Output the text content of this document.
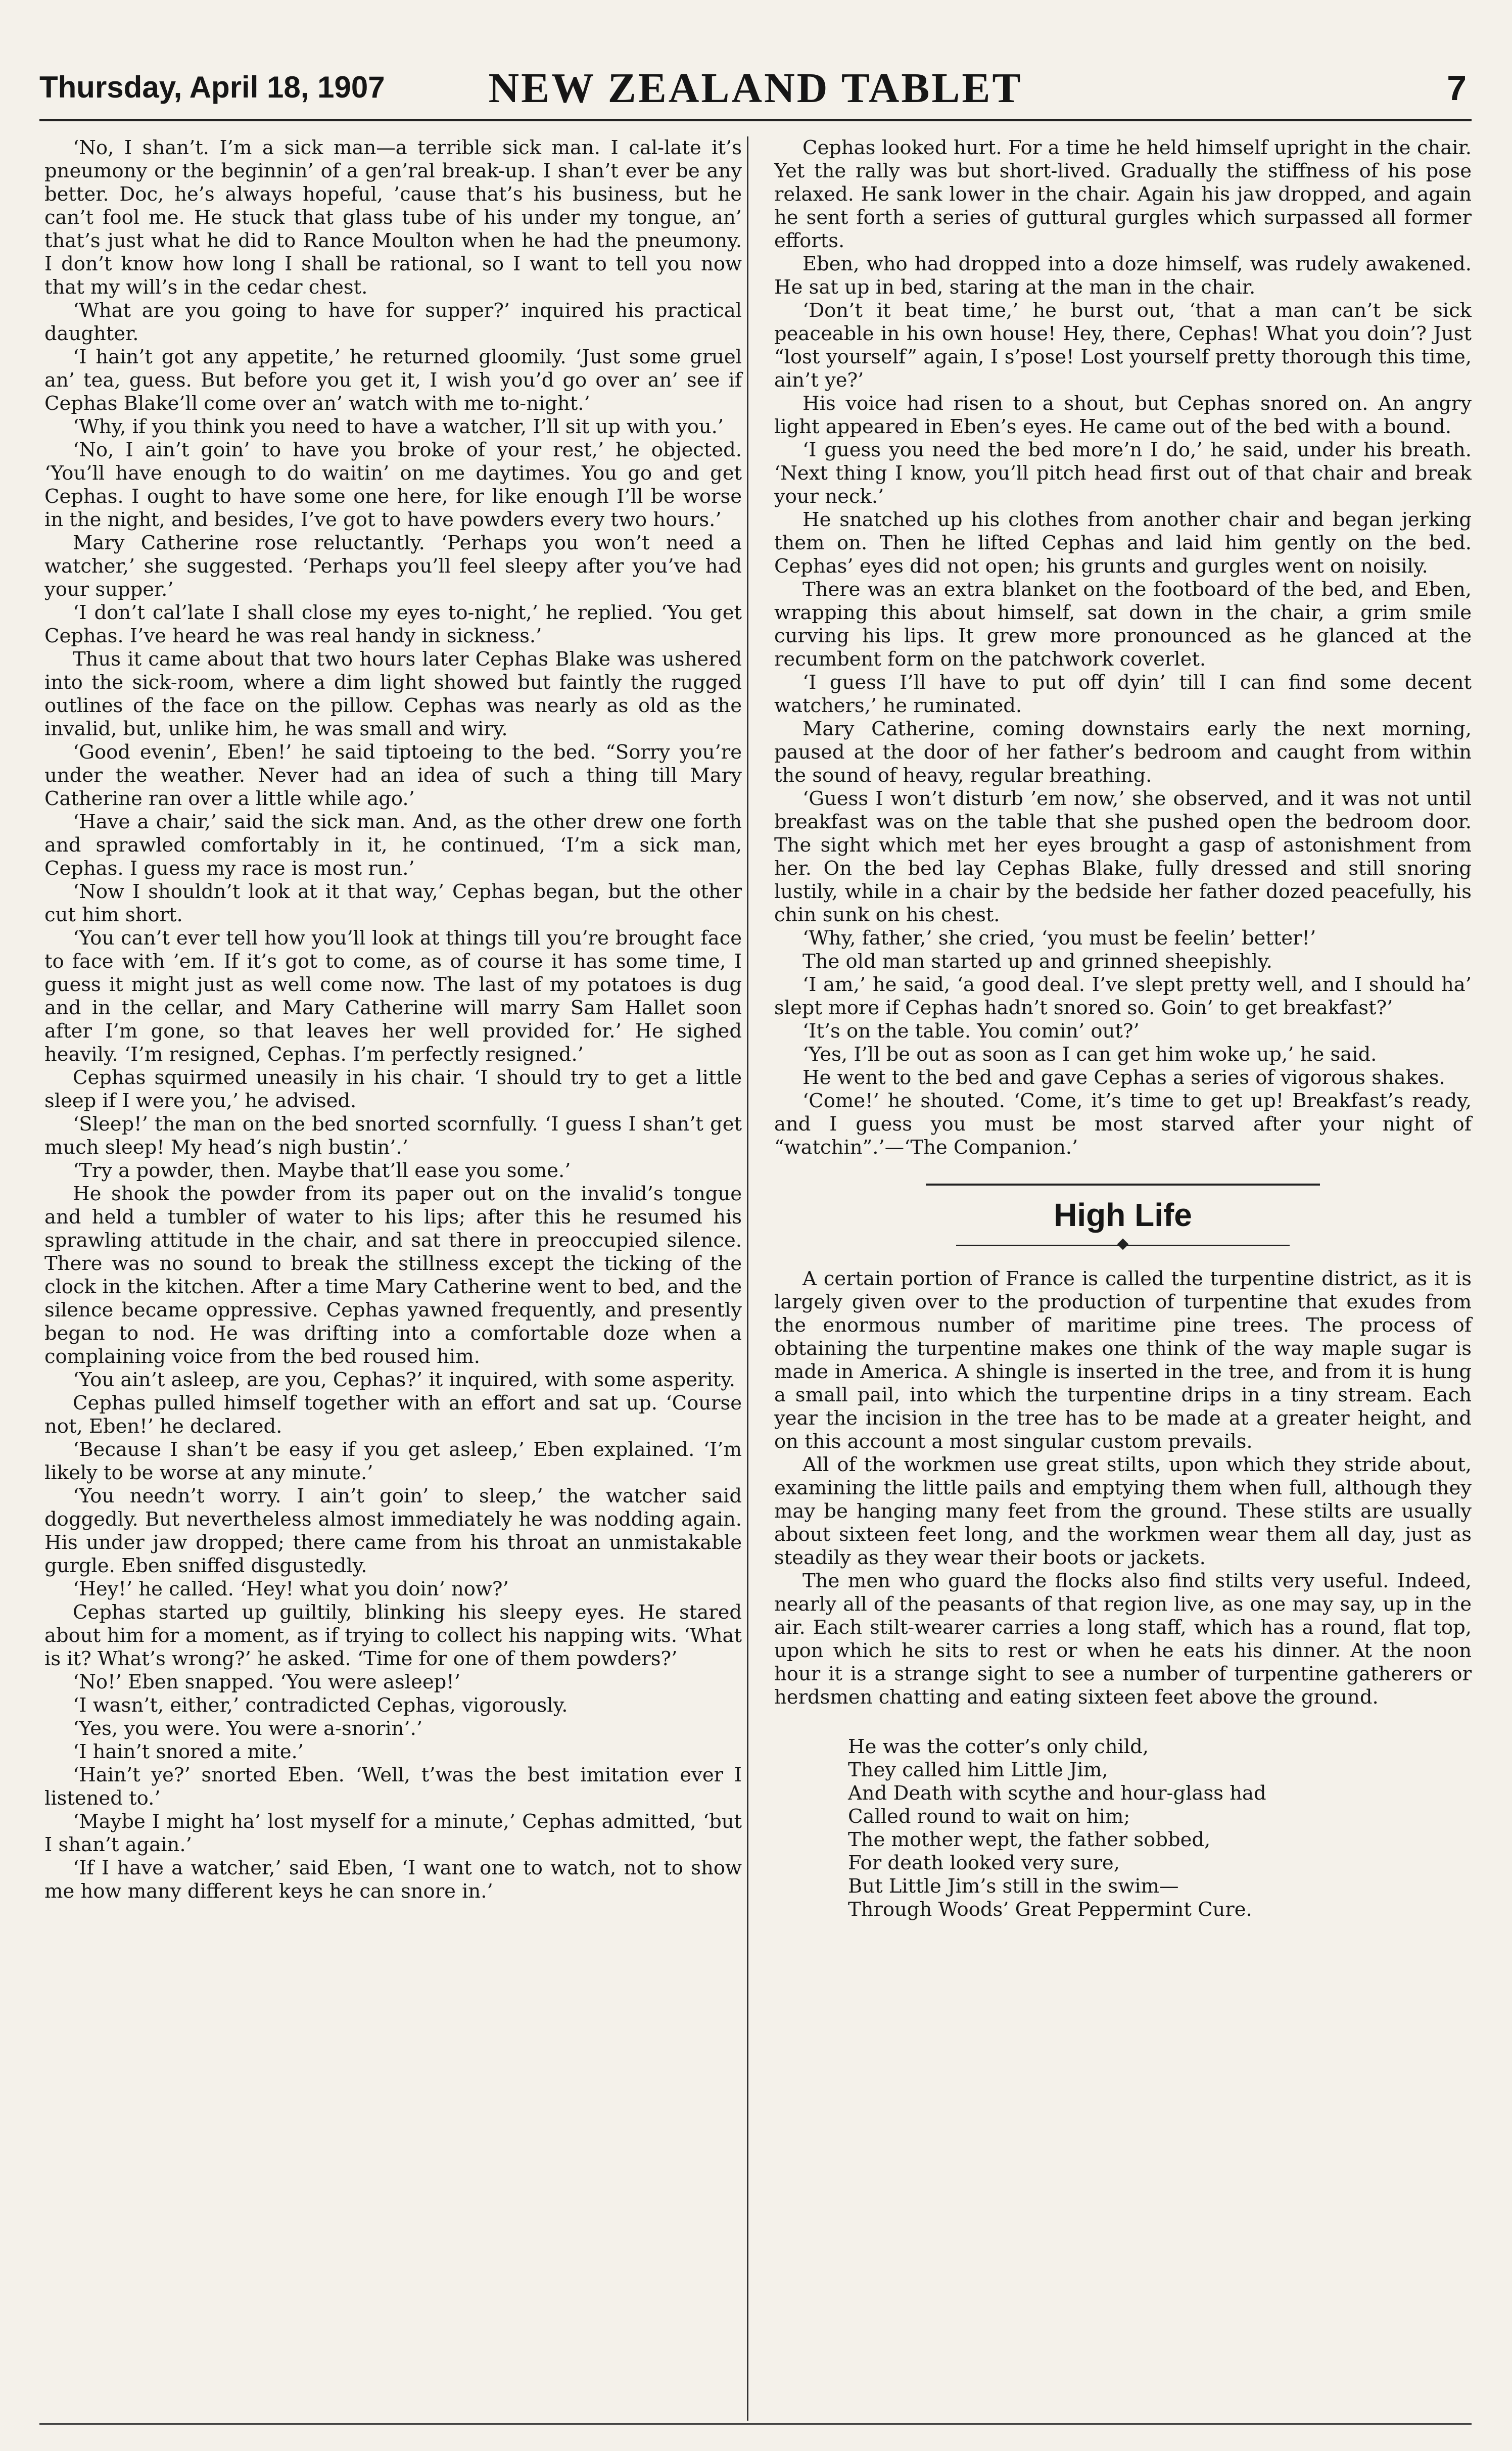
Thursday, April 18, 1907	NEW ZEALAND TABLET	7

‘No, I shan’t. I’m a sick man—a terrible sick man. I cal-late it’s pneumony or the beginnin’ of a gen’ral break-up. I shan’t ever be any better. Doc, he’s always hopeful, ’cause that’s his business, but he can’t fool me. He stuck that glass tube of his under my tongue, an’ that’s just what he did to Rance Moulton when he had the pneumony. I don’t know how long I shall be rational, so I want to tell you now that my will’s in the cedar chest.

‘What are you going to have for supper?’ inquired his practical daughter.

‘I hain’t got any appetite,’ he returned gloomily. ‘Just some gruel an’ tea, guess. But before you get it, I wish you’d go over an’ see if Cephas Blake’ll come over an’ watch with me to-night.’

‘Why, if you think you need to have a watcher, I’ll sit up with you.’

‘No, I ain’t goin’ to have you broke of your rest,’ he objected. ‘You’ll have enough to do waitin’ on me daytimes. You go and get Cephas. I ought to have some one here, for like enough I’ll be worse in the night, and besides, I’ve got to have powders every two hours.’

Mary Catherine rose reluctantly. ‘Perhaps you won’t need a watcher,’ she suggested. ‘Perhaps you’ll feel sleepy after you’ve had your supper.’

‘I don’t cal’late I shall close my eyes to-night,’ he replied. ‘You get Cephas. I’ve heard he was real handy in sickness.’

Thus it came about that two hours later Cephas Blake was ushered into the sick-room, where a dim light showed but faintly the rugged outlines of the face on the pillow. Cephas was nearly as old as the invalid, but, unlike him, he was small and wiry.

‘Good evenin’, Eben!’ he said tiptoeing to the bed. “Sorry you’re under the weather. Never had an idea of such a thing till Mary Catherine ran over a little while ago.’

‘Have a chair,’ said the sick man. And, as the other drew one forth and sprawled comfortably in it, he continued, ‘I’m a sick man, Cephas. I guess my race is most run.’

‘Now I shouldn’t look at it that way,’ Cephas began, but the other cut him short.

‘You can’t ever tell how you’ll look at things till you’re brought face to face with ’em. If it’s got to come, as of course it has some time, I guess it might just as well come now. The last of my potatoes is dug and in the cellar, and Mary Catherine will marry Sam Hallet soon after I’m gone, so that leaves her well provided for.’ He sighed heavily. ‘I’m resigned, Cephas. I’m perfectly resigned.’

Cephas squirmed uneasily in his chair. ‘I should try to get a little sleep if I were you,’ he advised.

‘Sleep!’ the man on the bed snorted scornfully. ‘I guess I shan’t get much sleep! My head’s nigh bustin’.’

‘Try a powder, then. Maybe that’ll ease you some.’

He shook the powder from its paper out on the invalid’s tongue and held a tumbler of water to his lips; after this he resumed his sprawling attitude in the chair, and sat there in preoccupied silence. There was no sound to break the stillness except the ticking of the clock in the kitchen. After a time Mary Catherine went to bed, and the silence became oppressive. Cephas yawned frequently, and presently began to nod. He was drifting into a comfortable doze when a complaining voice from the bed roused him.

‘You ain’t asleep, are you, Cephas?’ it inquired, with some asperity.

Cephas pulled himself together with an effort and sat up. ‘Course not, Eben!’ he declared.

‘Because I shan’t be easy if you get asleep,’ Eben explained. ‘I’m likely to be worse at any minute.’

‘You needn’t worry. I ain’t goin’ to sleep,’ the watcher said doggedly. But nevertheless almost immediately he was nodding again. His under jaw dropped; there came from his throat an unmistakable gurgle. Eben sniffed disgustedly.

‘Hey!’ he called. ‘Hey! what you doin’ now?’

Cephas started up guiltily, blinking his sleepy eyes. He stared about him for a moment, as if trying to collect his napping wits. ‘What is it? What’s wrong?’ he asked. ‘Time for one of them powders?’

‘No!’ Eben snapped. ‘You were asleep!’

‘I wasn’t, either,’ contradicted Cephas, vigorously.

‘Yes, you were. You were a-snorin’.’

‘I hain’t snored a mite.’

‘Hain’t ye?’ snorted Eben. ‘Well, t’was the best imitation ever I listened to.’

‘Maybe I might ha’ lost myself for a minute,’ Cephas admitted, ‘but I shan’t again.’

‘If I have a watcher,’ said Eben, ‘I want one to watch, not to show me how many different keys he can snore in.’

Cephas looked hurt. For a time he held himself upright in the chair. Yet the rally was but short-lived. Gradually the stiffness of his pose relaxed. He sank lower in the chair. Again his jaw dropped, and again he sent forth a series of guttural gurgles which surpassed all former efforts.

Eben, who had dropped into a doze himself, was rudely awakened. He sat up in bed, staring at the man in the chair.

‘Don’t it beat time,’ he burst out, ‘that a man can’t be sick peaceable in his own house! Hey, there, Cephas! What you doin’? Just “lost yourself” again, I s’pose! Lost yourself pretty thorough this time, ain’t ye?’

His voice had risen to a shout, but Cephas snored on. An angry light appeared in Eben’s eyes. He came out of the bed with a bound.

‘I guess you need the bed more’n I do,’ he said, under his breath. ‘Next thing I know, you’ll pitch head first out of that chair and break your neck.’

He snatched up his clothes from another chair and began jerking them on. Then he lifted Cephas and laid him gently on the bed. Cephas’ eyes did not open; his grunts and gurgles went on noisily.

There was an extra blanket on the footboard of the bed, and Eben, wrapping this about himself, sat down in the chair, a grim smile curving his lips. It grew more pronounced as he glanced at the recumbent form on the patchwork coverlet.

‘I guess I’ll have to put off dyin’ till I can find some decent watchers,’ he ruminated.

Mary Catherine, coming downstairs early the next morning, paused at the door of her father’s bedroom and caught from within the sound of heavy, regular breathing.

‘Guess I won’t disturb ’em now,’ she observed, and it was not until breakfast was on the table that she pushed open the bedroom door. The sight which met her eyes brought a gasp of astonishment from her. On the bed lay Cephas Blake, fully dressed and still snoring lustily, while in a chair by the bedside her father dozed peacefully, his chin sunk on his chest.

‘Why, father,’ she cried, ‘you must be feelin’ better!’

The old man started up and grinned sheepishly.

‘I am,’ he said, ‘a good deal. I’ve slept pretty well, and I should ha’ slept more if Cephas hadn’t snored so. Goin’ to get breakfast?’

‘It’s on the table. You comin’ out?’

‘Yes, I’ll be out as soon as I can get him woke up,’ he said.

He went to the bed and gave Cephas a series of vigorous shakes.

‘Come!’ he shouted. ‘Come, it’s time to get up! Breakfast’s ready, and I guess you must be most starved after your night of “watchin”.’—‘The Companion.’

High Life

A certain portion of France is called the turpentine district, as it is largely given over to the production of turpentine that exudes from the enormous number of maritime pine trees. The process of obtaining the turpentine makes one think of the way maple sugar is made in America. A shingle is inserted in the tree, and from it is hung a small pail, into which the turpentine drips in a tiny stream. Each year the incision in the tree has to be made at a greater height, and on this account a most singular custom prevails.

All of the workmen use great stilts, upon which they stride about, examining the little pails and emptying them when full, although they may be hanging many feet from the ground. These stilts are usually about sixteen feet long, and the workmen wear them all day, just as steadily as they wear their boots or jackets.

The men who guard the flocks also find stilts very useful. Indeed, nearly all of the peasants of that region live, as one may say, up in the air. Each stilt-wearer carries a long staff, which has a round, flat top, upon which he sits to rest or when he eats his dinner. At the noon hour it is a strange sight to see a number of turpentine gatherers or herdsmen chatting and eating sixteen feet above the ground.

He was the cotter’s only child,

They called him Little Jim,

And Death with scythe and hour-glass had

Called round to wait on him;

The mother wept, the father sobbed,

For death looked very sure,

But Little Jim’s still in the swim—

Through Woods’ Great Peppermint Cure.
